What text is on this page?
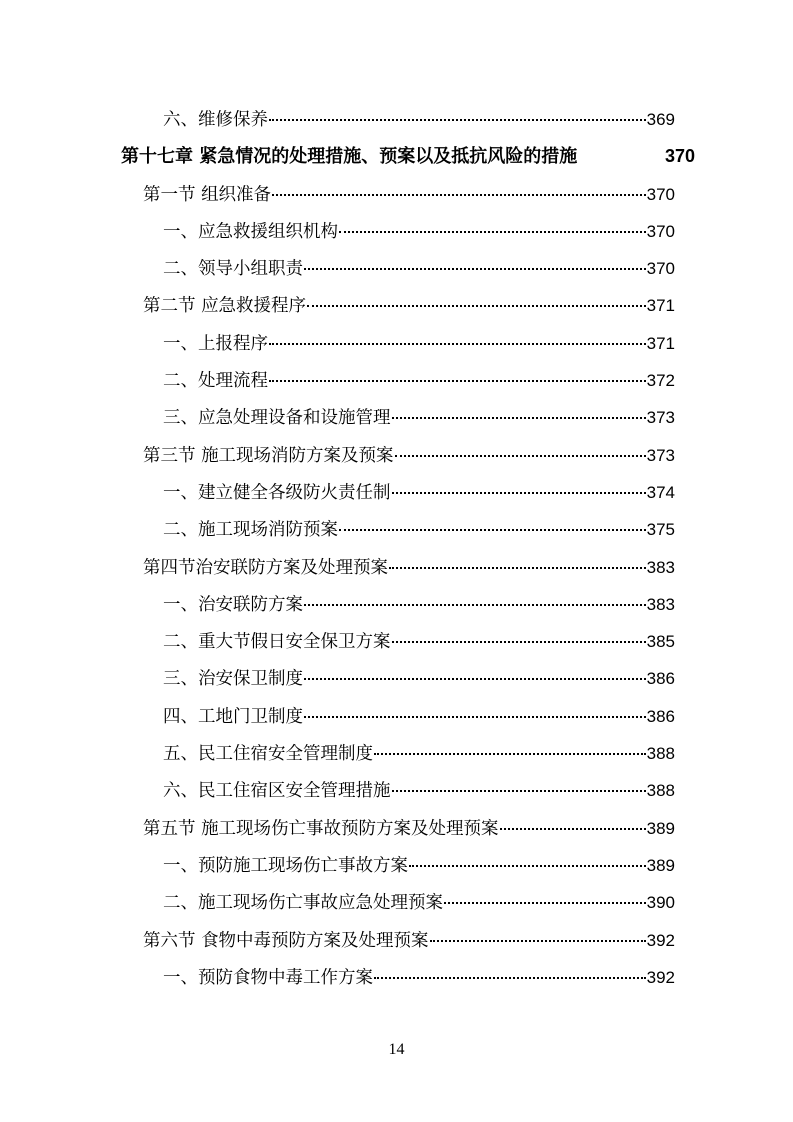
六、维修保养	369
第十七章 紧急情况的处理措施、预案以及抵抗风险的措施	370
第一节 组织准备	370
一、应急救援组织机构	370
二、领导小组职责	370
第二节 应急救援程序	371
一、上报程序	371
二、处理流程	372
三、应急处理设备和设施管理	373
第三节 施工现场消防方案及预案	373
一、建立健全各级防火责任制	374
二、施工现场消防预案	375
第四节治安联防方案及处理预案	383
一、治安联防方案	383
二、重大节假日安全保卫方案	385
三、治安保卫制度	386
四、工地门卫制度	386
五、民工住宿安全管理制度	388
六、民工住宿区安全管理措施	388
第五节 施工现场伤亡事故预防方案及处理预案	389
一、预防施工现场伤亡事故方案	389
二、施工现场伤亡事故应急处理预案	390
第六节 食物中毒预防方案及处理预案	392
一、预防食物中毒工作方案	392
14
